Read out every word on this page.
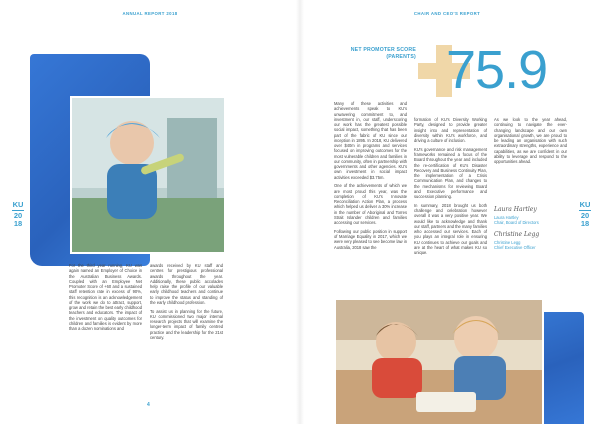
ANNUAL REPORT 2018	CHAIR AND CEO'S REPORT
KU
20
18

For the third year running, KU was again named an Employer of Choice in the Australian Business Awards. Coupled with an Employee Net Promoter Score of +60 and a sustained staff retention rate in excess of 90%, this recognition is an acknowledgement of the work we do to attract, support, grow and retain the best early childhood teachers and educators. The impact of the investment on quality outcomes for children and families is evident by more than a dozen nominations and

awards received by KU staff and centres for prestigious professional awards throughout the year. Additionally, these public accolades help raise the profile of our valuable early childhood teachers and continue to improve the status and standing of the early childhood profession.

To assist us in planning for the future, KU commissioned two major internal research projects that will examine the longer-term impact of family centred practice and the leadership for the 21st century.

4
NET PROMOTER SCORE
(PARENTS) 75.9

Many of these activities and achievements speak to KU's unwavering commitment to, and investment in, our staff, underscoring our work has the greatest possible social impact, something that has been part of the fabric of KU since our inception in 1895. In 2018, KU delivered over $40m in programs and services focused on improving outcomes for the most vulnerable children and families in our community, often in partnership with governments and other agencies. KU's own investment in social impact activities exceeded $3.75m.

One of the achievements of which we are most proud this year, was the completion of KU's Innovate Reconciliation Action Plan, a process which helped us deliver a 30% increase in the number of Aboriginal and Torres Strait Islander children and families accessing our services.

Following our public position in support of Marriage Equality in 2017, which we were very pleased to see become law in Australia, 2018 saw the

formation of KU's Diversity Working Party, designed to provide greater insight into and representation of diversity within KU's workforce, and driving a culture of inclusion.

KU's governance and risk management frameworks remained a focus of the Board throughout the year and included the re-certification of KU's Disaster Recovery and Business Continuity Plan, the implementation of a Crisis Communication Plan, and changes to the mechanisms for reviewing Board and Executive performance and succession planning.

In summary, 2018 brought us both challenge and celebration however overall it was a very positive year. We would like to acknowledge and thank our staff, partners and the many families who accessed our services. Each of you plays an integral role in ensuring KU continues to achieve our goals and are at the heart of what makes KU so unique.

As we look to the year ahead, continuing to navigate the ever-changing landscape and our own organisational growth, we are proud to be leading an organisation with such extraordinary strengths, experience and capabilities, as we are confident in our ability to leverage and respond to the opportunities ahead.

Laura Hartley
Laura Hartley
Chair, Board of Directors
Christine Legg
Christine Legg
Chief Executive Officer
KU
20
18
